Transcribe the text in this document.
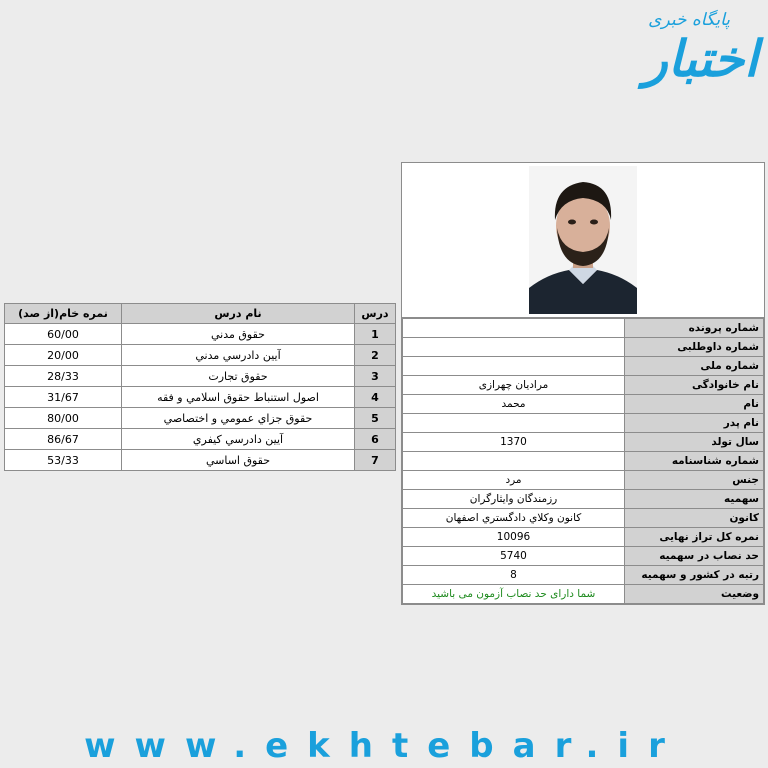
پایگاه خبری
اختبار
درس	نام درس	نمره خام(از صد)
1	حقوق مدني	60/00
2	آيين دادرسي مدني	20/00
3	حقوق تجارت	28/33
4	اصول استنباط حقوق اسلامي و فقه	31/67
5	حقوق جزاي عمومي و اختصاصي	80/00
6	آيين دادرسي كيفري	86/67
7	حقوق اساسي	53/33
شماره پرونده	
شماره داوطلبی	
شماره ملی	
نام خانوادگی	مرادیان چهرازی
نام	محمد
نام پدر	
سال تولد	1370
شماره شناسنامه	
جنس	مرد
سهمیه	رزمندگان وایثارگران
کانون	كانون وكلاي دادگستري اصفهان
نمره کل تراز نهایی	10096
حد نصاب در سهمیه	5740
رتبه در کشور و سهمیه	8
وضعیت	شما دارای حد نصاب آزمون می باشید
www.ekhtebar.ir
